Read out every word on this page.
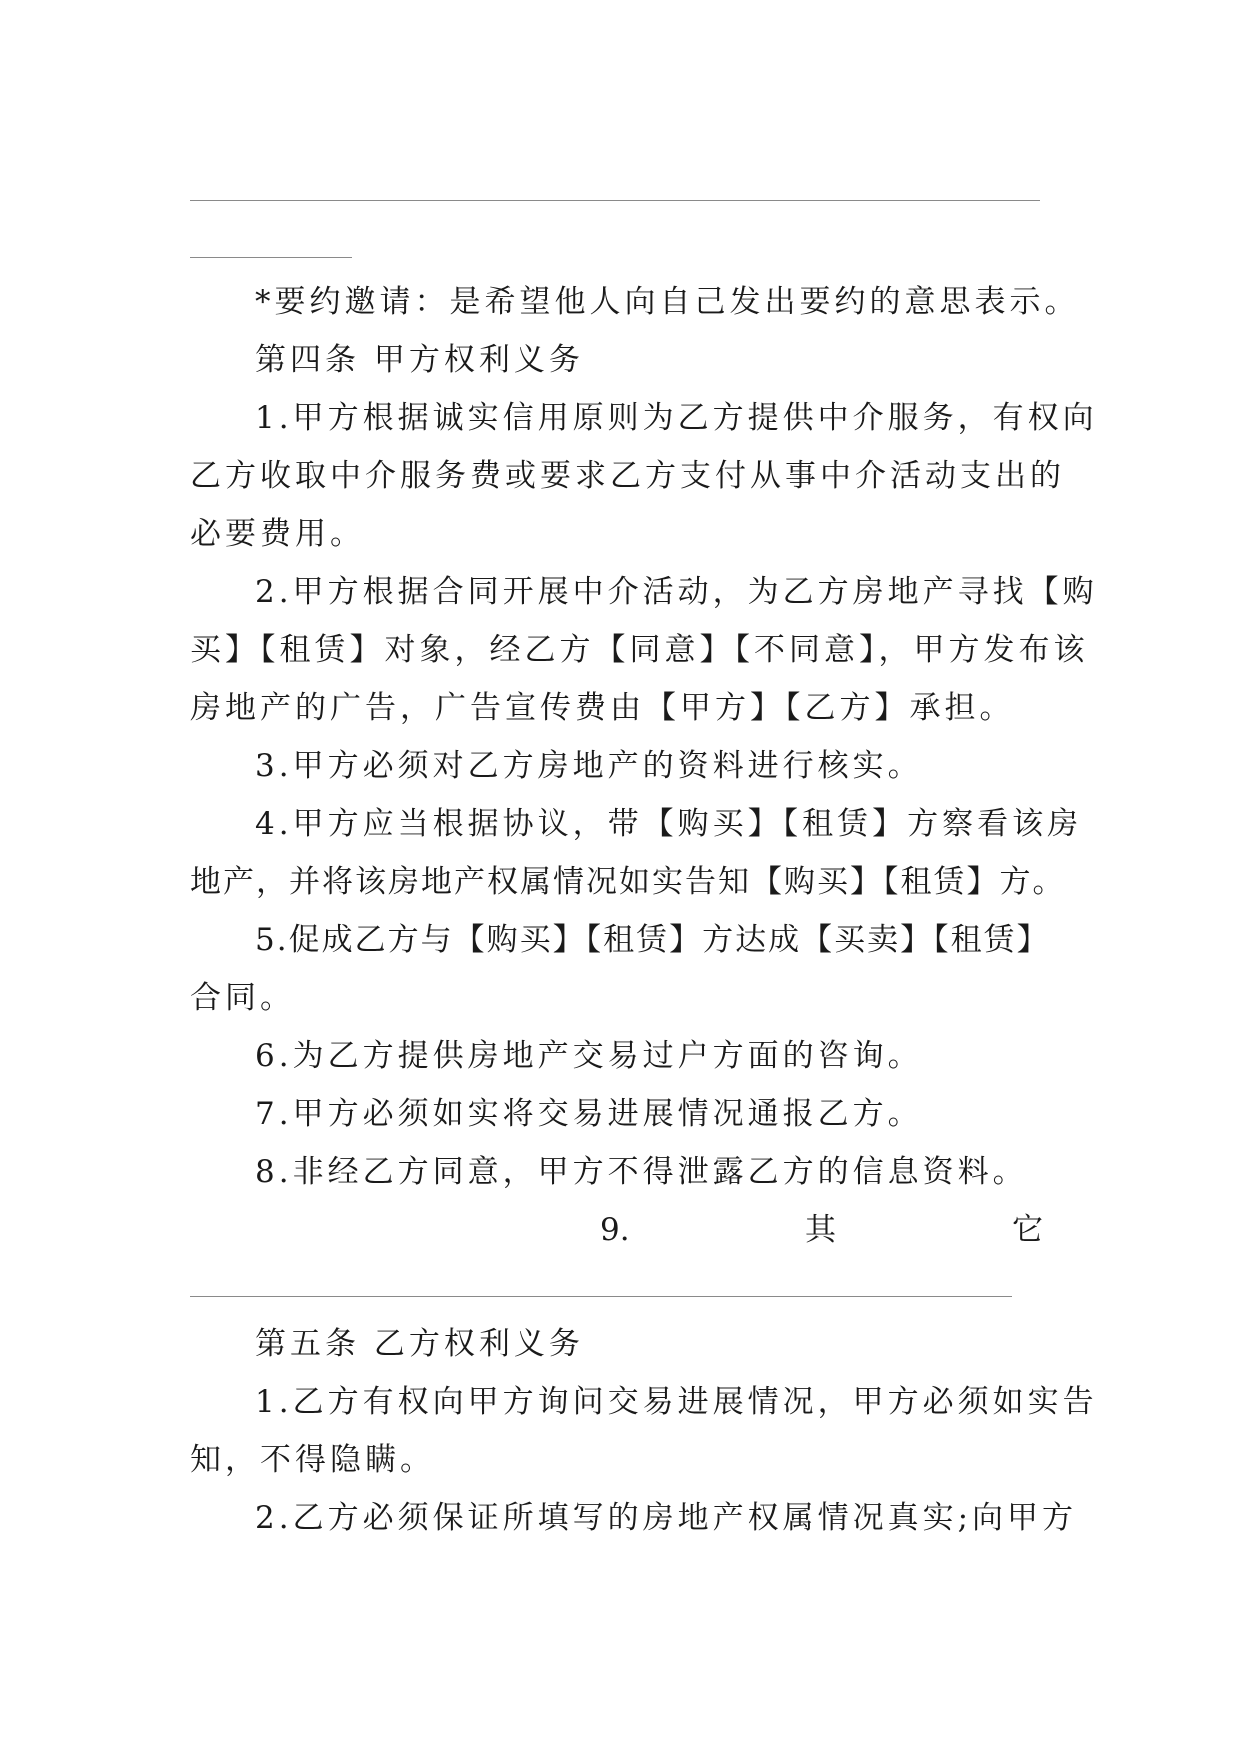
*要约邀请：是希望他人向自己发出要约的意思表示。
第四条 甲方权利义务
1.甲方根据诚实信用原则为乙方提供中介服务，有权向
乙方收取中介服务费或要求乙方支付从事中介活动支出的
必要费用。
2.甲方根据合同开展中介活动，为乙方房地产寻找【购
买】【租赁】对象，经乙方【同意】【不同意】，甲方发布该
房地产的广告，广告宣传费由【甲方】【乙方】承担。
3.甲方必须对乙方房地产的资料进行核实。
4.甲方应当根据协议，带【购买】【租赁】方察看该房
地产，并将该房地产权属情况如实告知【购买】【租赁】方。
5.促成乙方与【购买】【租赁】方达成【买卖】【租赁】
合同。
6.为乙方提供房地产交易过户方面的咨询。
7.甲方必须如实将交易进展情况通报乙方。
8.非经乙方同意，甲方不得泄露乙方的信息资料。
9.	其	它
第五条 乙方权利义务
1.乙方有权向甲方询问交易进展情况，甲方必须如实告
知，不得隐瞒。
2.乙方必须保证所填写的房地产权属情况真实;向甲方
